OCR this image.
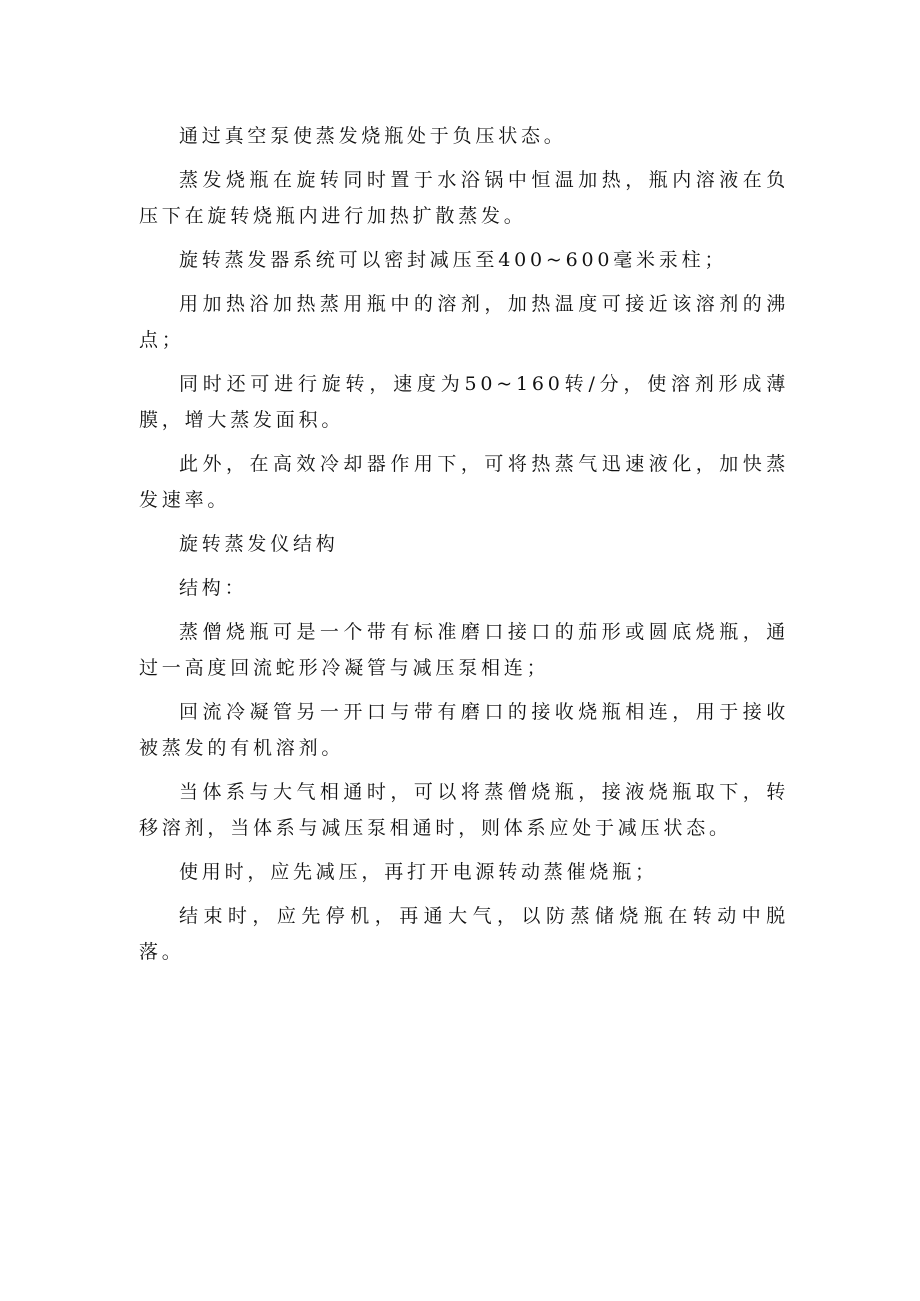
通过真空泵使蒸发烧瓶处于负压状态。

蒸发烧瓶在旋转同时置于水浴锅中恒温加热，瓶内溶液在负压下在旋转烧瓶内进行加热扩散蒸发。

旋转蒸发器系统可以密封减压至400~600毫米汞柱；

用加热浴加热蒸用瓶中的溶剂，加热温度可接近该溶剂的沸点；

同时还可进行旋转，速度为50~160转/分，使溶剂形成薄膜，增大蒸发面积。

此外，在高效冷却器作用下，可将热蒸气迅速液化，加快蒸发速率。

旋转蒸发仪结构

结构：

蒸僧烧瓶可是一个带有标准磨口接口的茄形或圆底烧瓶，通过一高度回流蛇形冷凝管与减压泵相连；

回流冷凝管另一开口与带有磨口的接收烧瓶相连，用于接收被蒸发的有机溶剂。

当体系与大气相通时，可以将蒸僧烧瓶，接液烧瓶取下，转移溶剂，当体系与减压泵相通时，则体系应处于减压状态。

使用时，应先减压，再打开电源转动蒸催烧瓶；

结束时，应先停机，再通大气，以防蒸储烧瓶在转动中脱落。
